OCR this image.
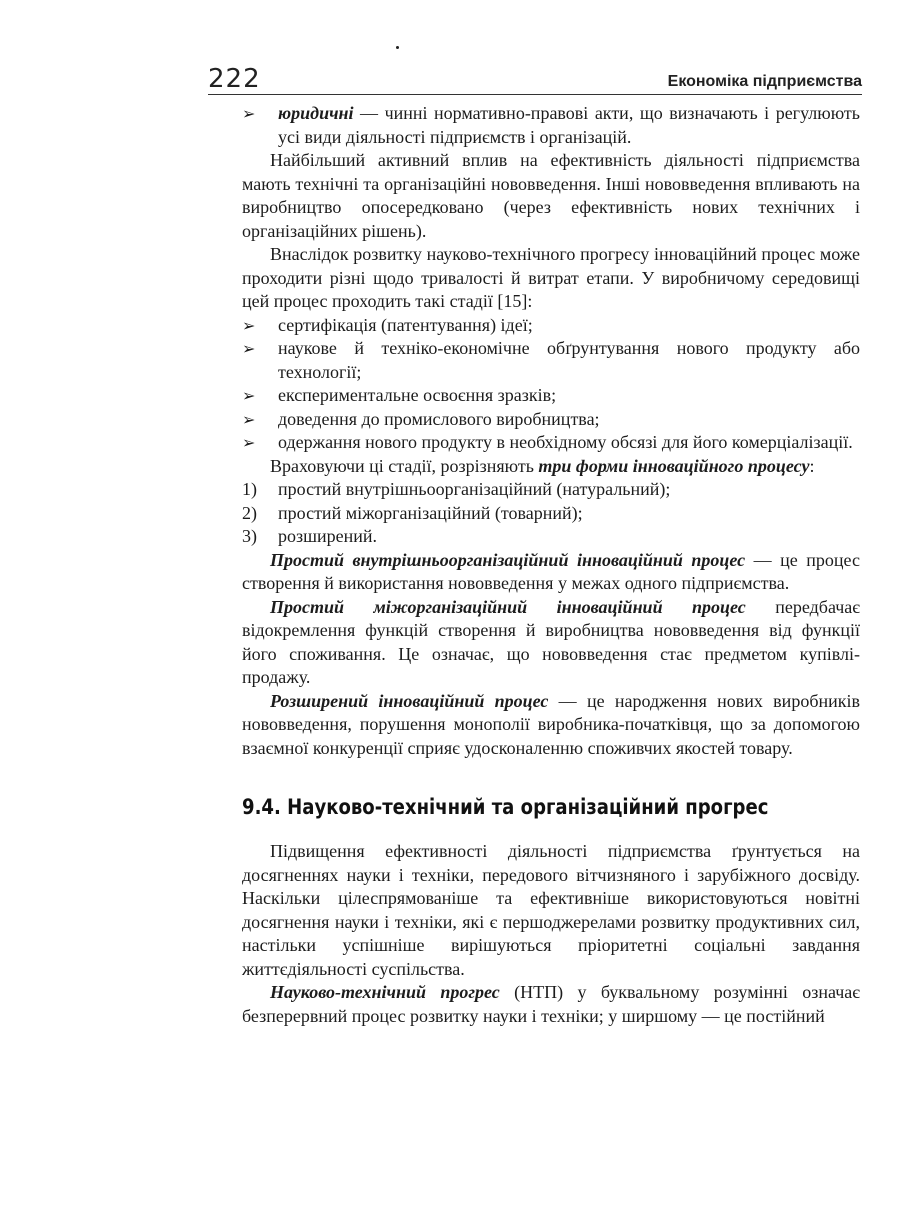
222	Економіка підприємства

➢ юридичні — чинні нормативно-правові акти, що визначають і регулюють усі види діяльності підприємств і організацій.

Найбільший активний вплив на ефективність діяльності підприємства мають технічні та організаційні нововведення. Інші нововведення впливають на виробництво опосередковано (через ефективність нових технічних і організаційних рішень).

Внаслідок розвитку науково-технічного прогресу інноваційний процес може проходити різні щодо тривалості й витрат етапи. У виробничому середовищі цей процес проходить такі стадії [15]:

➢ сертифікація (патентування) ідеї;

➢ наукове й техніко-економічне обґрунтування нового продукту або технології;

➢ експериментальне освоєння зразків;

➢ доведення до промислового виробництва;

➢ одержання нового продукту в необхідному обсязі для його комерціалізації.

Враховуючи ці стадії, розрізняють три форми інноваційного процесу:

1) простий внутрішньоорганізаційний (натуральний);

2) простий міжорганізаційний (товарний);

3) розширений.

Простий внутрішньоорганізаційний інноваційний процес — це процес створення й використання нововведення у межах одного підприємства.

Простий міжорганізаційний інноваційний процес передбачає відокремлення функцій створення й виробництва нововведення від функції його споживання. Це означає, що нововведення стає предметом купівлі-продажу.

Розширений інноваційний процес — це народження нових виробників нововведення, порушення монополії виробника-початківця, що за допомогою взаємної конкуренції сприяє удосконаленню споживчих якостей товару.

9.4. Науково-технічний та організаційний прогрес

Підвищення ефективності діяльності підприємства ґрунтується на досягненнях науки і техніки, передового вітчизняного і зарубіжного досвіду. Наскільки цілеспрямованіше та ефективніше використовуються новітні досягнення науки і техніки, які є першоджерелами розвитку продуктивних сил, настільки успішніше вирішуються пріоритетні соціальні завдання життєдіяльності суспільства.

Науково-технічний прогрес (НТП) у буквальному розумінні означає безперервний процес розвитку науки і техніки; у ширшому — це постійний
